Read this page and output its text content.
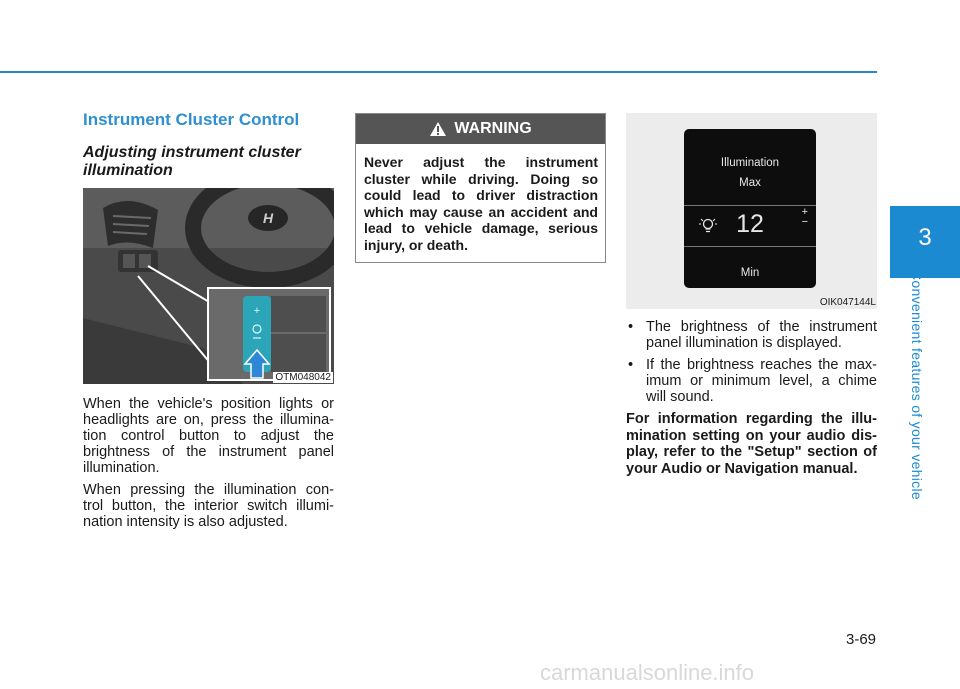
3
Convenient features of your vehicle
Instrument Cluster Control
Adjusting instrument cluster illumination
H
+
OTM048042

When the vehicle's position lights or headlights are on, press the illumina- tion control button to adjust the brightness of the instrument panel illumination.

When pressing the illumination con- trol button, the interior switch illumi- nation intensity is also adjusted.

WARNING
Never adjust the instrument cluster while driving. Doing so could lead to driver distraction which may cause an accident and lead to vehicle damage, serious injury, or death.
Illumination
Max
12	+
−
Min
OIK047144L
• The brightness of the instrument panel illumination is displayed.
• If the brightness reaches the max- imum or minimum level, a chime will sound.

For information regarding the illu- mination setting on your audio dis- play, refer to the "Setup" section of your Audio or Navigation manual.

3-69
carmanualsonline.info
